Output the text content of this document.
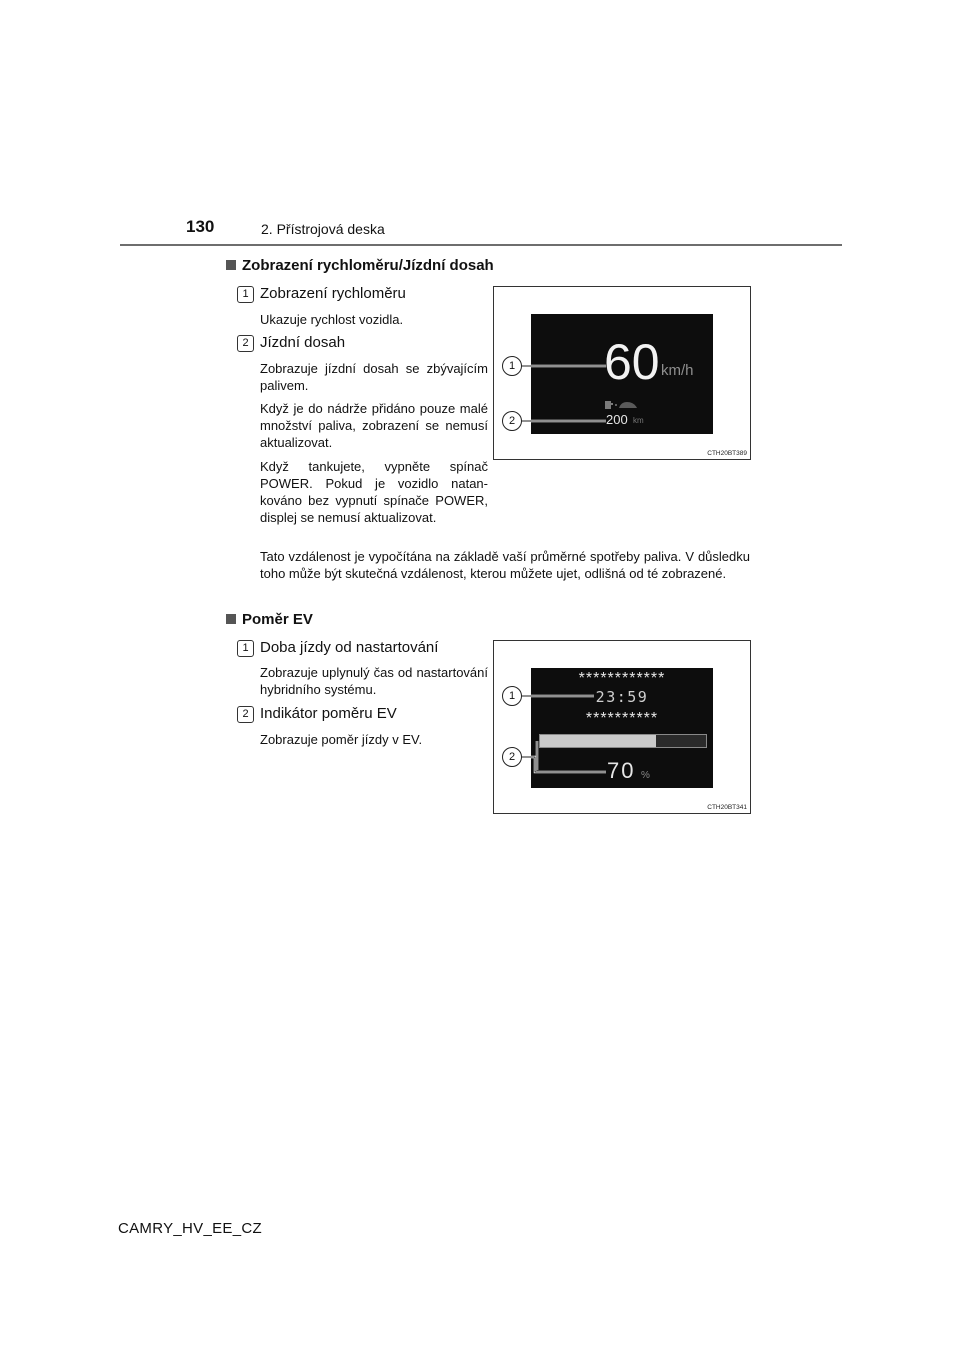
130	2. Přístrojová deska
Zobrazení rychloměru/Jízdní dosah
1 Zobrazení rychloměru
Ukazuje rychlost vozidla.
2 Jízdní dosah
Zobrazuje jízdní dosah se zbývajícím palivem.
Když je do nádrže přidáno pouze malé množství paliva, zobrazení se nemusí aktualizovat.
Když tankujete, vypněte spínač POWER. Pokud je vozidlo natankováno bez vypnutí spínače POWER, displej se nemusí aktualizovat.
60 km/h
200 km
1
2
CTH20BT389
Tato vzdálenost je vypočítána na základě vaší průměrné spotřeby paliva. V důsledku toho může být skutečná vzdálenost, kterou můžete ujet, odlišná od té zobrazené.
Poměr EV
1 Doba jízdy od nastartování
Zobrazuje uplynulý čas od nastartování hybridního systému.
2 Indikátor poměru EV
Zobrazuje poměr jízdy v EV.
************
23:59
**********
70 %
1
2
CTH20BT341
CAMRY_HV_EE_CZ
